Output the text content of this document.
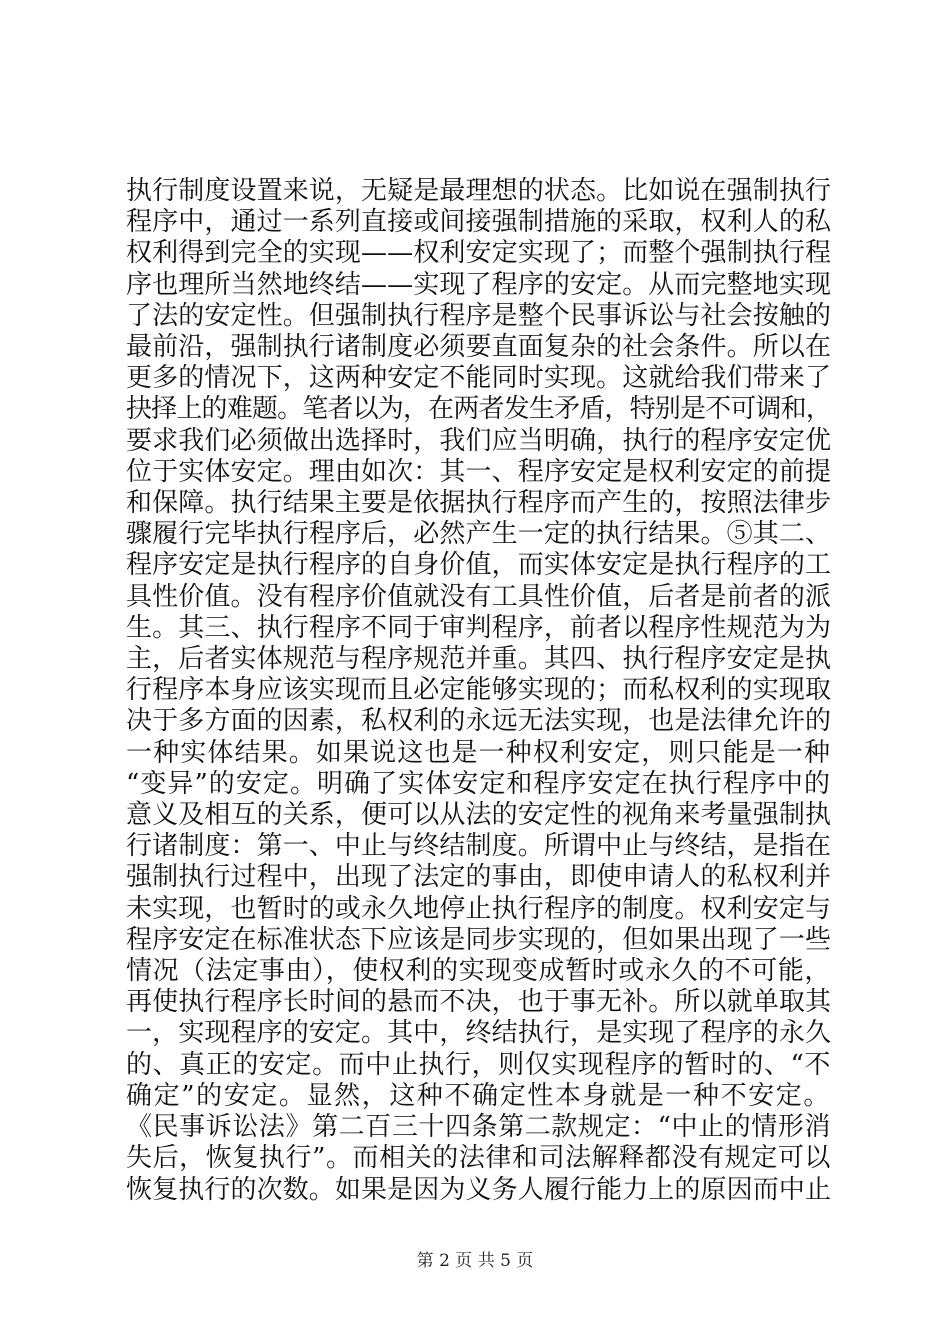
执行制度设置来说，无疑是最理想的状态。比如说在强制执行
程序中，通过一系列直接或间接强制措施的采取，权利人的私
权利得到完全的实现——权利安定实现了；而整个强制执行程
序也理所当然地终结——实现了程序的安定。从而完整地实现
了法的安定性。但强制执行程序是整个民事诉讼与社会按触的
最前沿，强制执行诸制度必须要直面复杂的社会条件。所以在
更多的情况下，这两种安定不能同时实现。这就给我们带来了
抉择上的难题。笔者以为，在两者发生矛盾，特别是不可调和，
要求我们必须做出选择时，我们应当明确，执行的程序安定优
位于实体安定。理由如次：其一、程序安定是权利安定的前提
和保障。执行结果主要是依据执行程序而产生的，按照法律步
骤履行完毕执行程序后，必然产生一定的执行结果。⑤其二、
程序安定是执行程序的自身价值，而实体安定是执行程序的工
具性价值。没有程序价值就没有工具性价值，后者是前者的派
生。其三、执行程序不同于审判程序，前者以程序性规范为为
主，后者实体规范与程序规范并重。其四、执行程序安定是执
行程序本身应该实现而且必定能够实现的；而私权利的实现取
决于多方面的因素，私权利的永远无法实现，也是法律允许的
一种实体结果。如果说这也是一种权利安定，则只能是一种
“变异”的安定。明确了实体安定和程序安定在执行程序中的
意义及相互的关系，便可以从法的安定性的视角来考量强制执
行诸制度：第一、中止与终结制度。所谓中止与终结，是指在
强制执行过程中，出现了法定的事由，即使申请人的私权利并
未实现，也暂时的或永久地停止执行程序的制度。权利安定与
程序安定在标准状态下应该是同步实现的，但如果出现了一些
情况（法定事由），使权利的实现变成暂时或永久的不可能，
再使执行程序长时间的悬而不决，也于事无补。所以就单取其
一，实现程序的安定。其中，终结执行，是实现了程序的永久
的、真正的安定。而中止执行，则仅实现程序的暂时的、“不
确定”的安定。显然，这种不确定性本身就是一种不安定。
《民事诉讼法》第二百三十四条第二款规定：“中止的情形消
失后，恢复执行”。而相关的法律和司法解释都没有规定可以
恢复执行的次数。如果是因为义务人履行能力上的原因而中止
第 2 页 共 5 页
